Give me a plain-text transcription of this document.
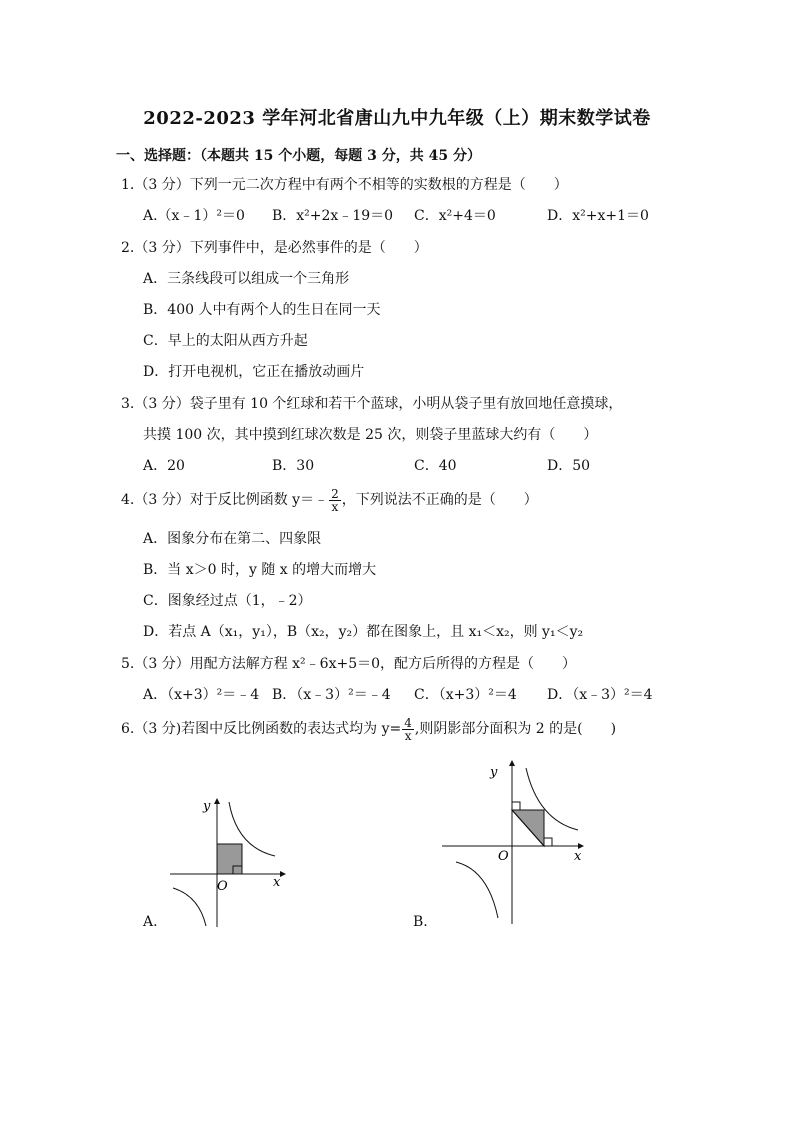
2022-2023 学年河北省唐山九中九年级（上）期末数学试卷
一、选择题：（本题共 15 个小题，每题 3 分，共 45 分）
1.（3 分）下列一元二次方程中有两个不相等的实数根的方程是（　　）
A.（x﹣1）²＝0 B．x²+2x﹣19＝0 C．x²+4＝0	D．x²+x+1＝0
2.（3 分）下列事件中，是必然事件的是（　　）
A．三条线段可以组成一个三角形
B．400 人中有两个人的生日在同一天
C．早上的太阳从西方升起
D．打开电视机，它正在播放动画片
3.（3 分）袋子里有 10 个红球和若干个蓝球，小明从袋子里有放回地任意摸球，
共摸 100 次，其中摸到红球次数是 25 次，则袋子里蓝球大约有（　　）
A．20	B．30	C．40	D．50
4.（3 分）对于反比例函数 y＝﹣ $\frac{2}{x}$ ，下列说法不正确的是（　　）
A．图象分布在第二、四象限
B．当 x＞0 时，y 随 x 的增大而增大
C．图象经过点（1，﹣2）
D．若点 A（x₁，y₁），B（x₂，y₂）都在图象上，且 x₁＜x₂，则 y₁＜y₂
5.（3 分）用配方法解方程 x²﹣6x+5＝0，配方后所得的方程是（　　）
A．（x+3）²＝﹣4 B．（x﹣3）²＝﹣4 C．（x+3）²＝4 D．（x﹣3）²＝4
6.（3 分)若图中反比例函数的表达式均为 $y= \frac{4}{x}$ ,则阴影部分面积为 2 的是(　　)
x
y
O
A.
x
y
O
B.
